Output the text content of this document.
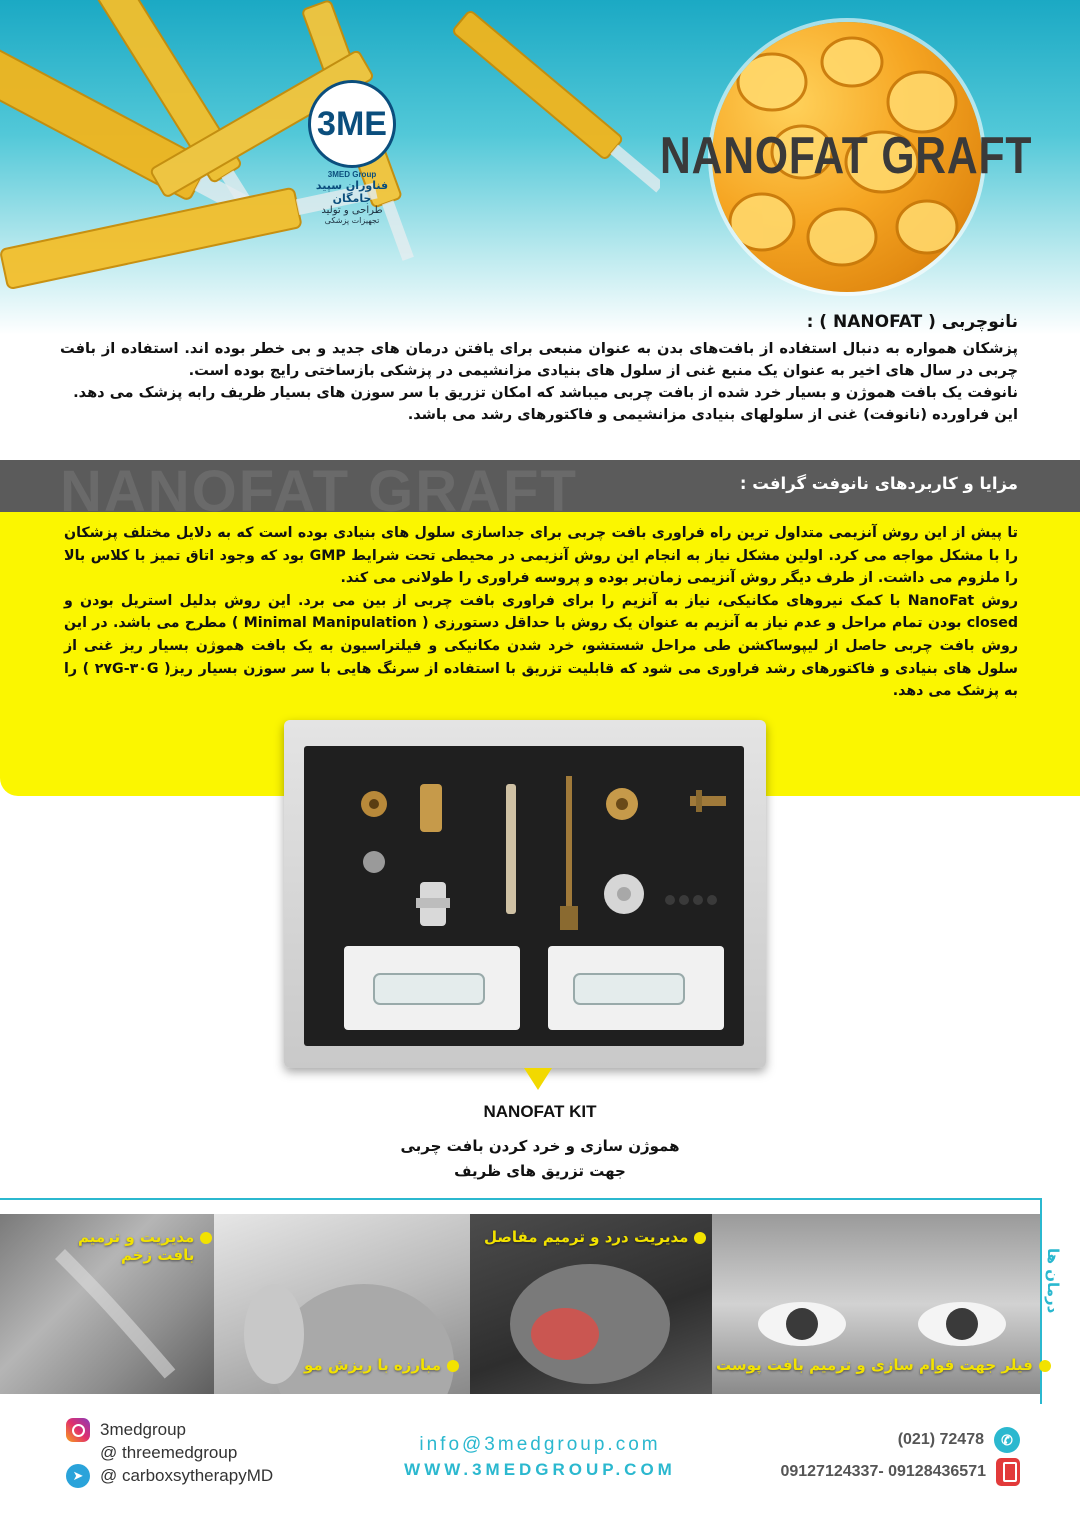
NANOFAT GRAFT
3ME
3MED Group
فناوران سپید جامگان
طراحی و تولید
تجهیزات پزشکی
نانوچربی ( NANOFAT ) :

پزشکان همواره به دنبال استفاده از بافت‌های بدن به عنوان منبعی برای یافتن درمان های جدید و بی خطر بوده اند. استفاده از بافت چربی در سال های اخیر به عنوان یک منبع غنی از سلول های بنیادی مزانشیمی در پزشکی بازساختی رایج بوده است.

نانوفت یک بافت هموژن و بسیار خرد شده از بافت چربی میباشد که امکان تزریق با سر سوزن های بسیار ظریف رابه پزشک می دهد.

این فراورده (نانوفت) غنی از سلولهای بنیادی مزانشیمی و فاکتورهای رشد می باشد.

NANOFAT GRAFT	مزایا و کاربردهای نانوفت گرافت :

تا پیش از این روش آنزیمی متداول ترین راه فراوری بافت چربی برای جداسازی سلول های بنیادی بوده است که به دلایل مختلف پزشکان را با مشکل مواجه می کرد. اولین مشکل نیاز به انجام این روش آنزیمی در محیطی تحت شرایط GMP بود که وجود اتاق تمیز با کلاس بالا را ملزوم می داشت. از طرف دیگر روش آنزیمی زمان‌بر بوده و پروسه فراوری را طولانی می کند.

روش NanoFat با کمک نیروهای مکانیکی، نیاز به آنزیم را برای فراوری بافت چربی از بین می برد. این روش بدلیل استریل بودن و closed بودن تمام مراحل و عدم نیاز به آنزیم به عنوان یک روش با حداقل دستورزی ( Minimal Manipulation ) مطرح می باشد. در این روش بافت چربی حاصل از لیپوساکشن طی مراحل شستشو، خرد شدن مکانیکی و فیلتراسیون به یک بافت هموژن بسیار ریز غنی از سلول های بنیادی و فاکتورهای رشد فراوری می شود که قابلیت تزریق با استفاده از سرنگ هایی با سر سوزن بسیار ریز( ۲۷G-۳۰G ) را به پزشک می دهد.

NANOFAT KIT
هموژن سازی و خرد کردن بافت چربی
جهت تزریق های ظریف
مدیریت و ترمیم
بافت زخم
مبارزه با ریزش مو
مدیریت درد و ترمیم مفاصل
فیلر جهت قوام سازی و ترمیم بافت پوست
درمان ها
3medgroup
@ threemedgroup
➤ @ carboxsytherapyMD
info@3medgroup.com
WWW.3MEDGROUP.COM
(021) 72478	✆
09127124337- 09128436571
